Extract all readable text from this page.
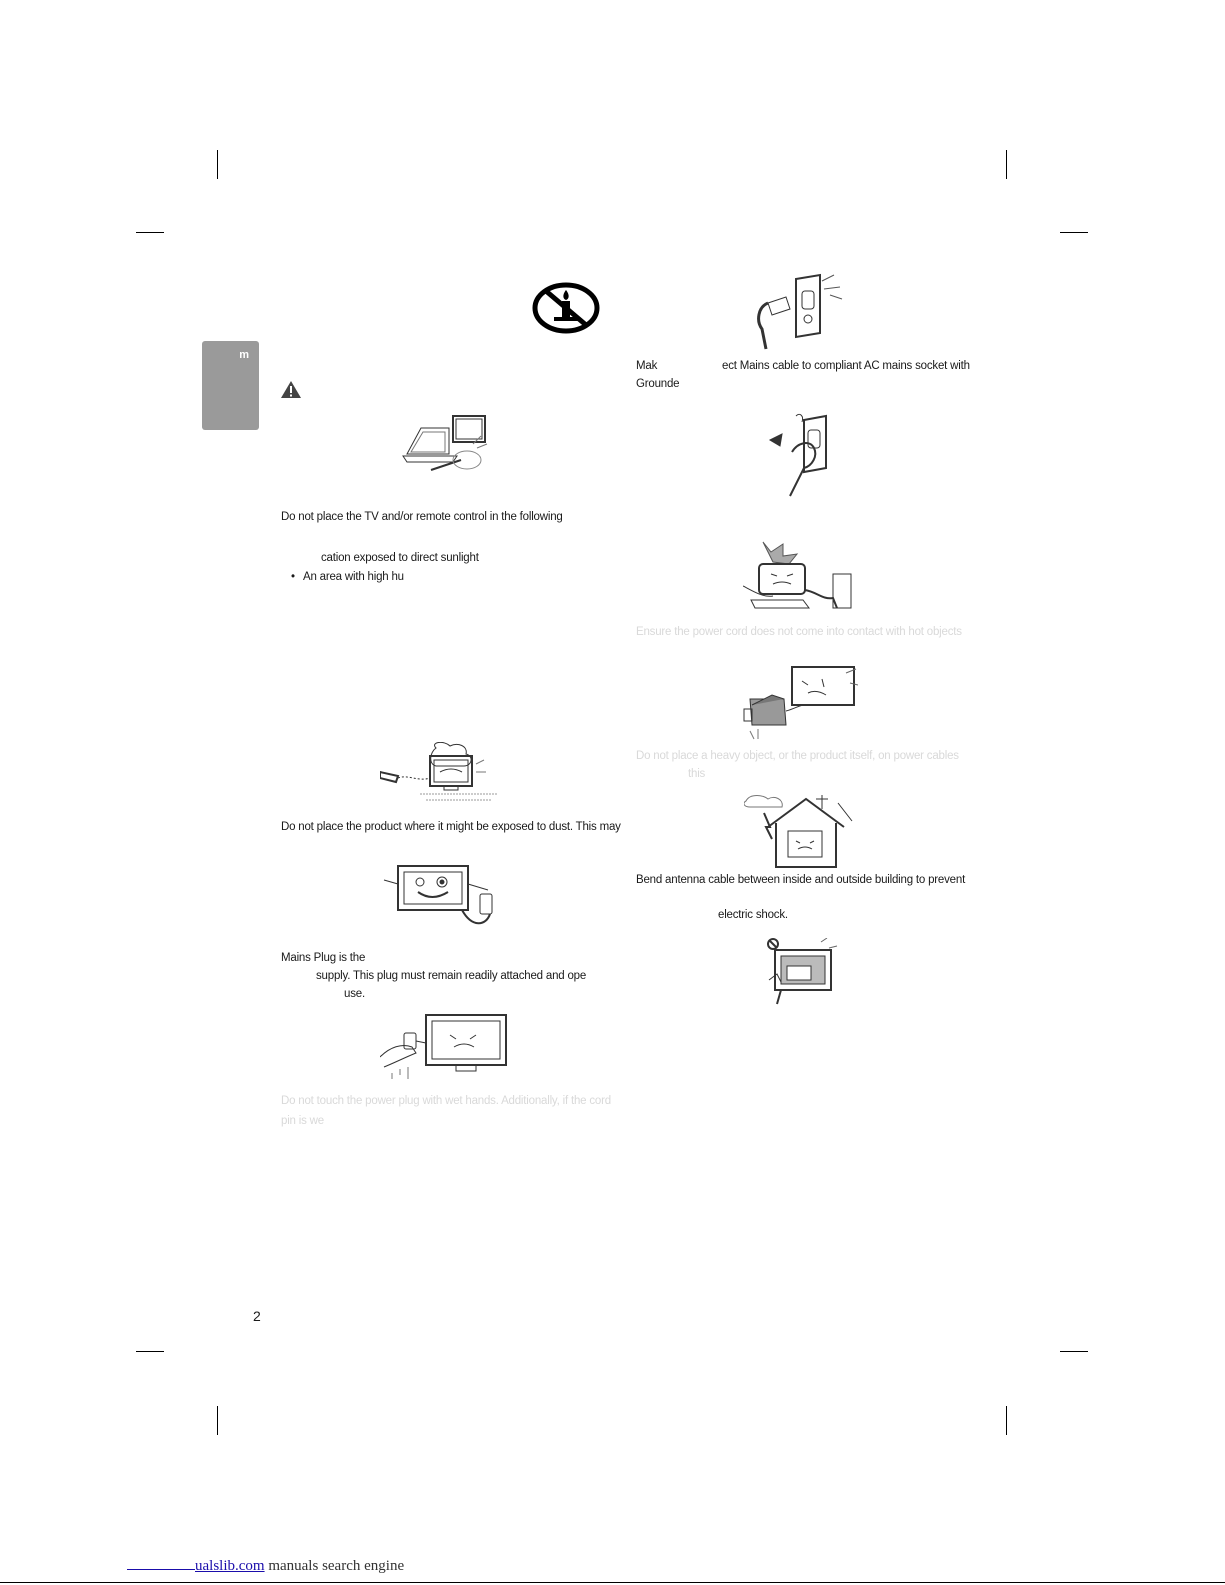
m
Do not place the TV and/or remote control in the following
cation exposed to direct sunlight
• An area with high hu
Do not place the product where it might be exposed to dust. This may
Mains Plug is the
supply. This plug must remain readily attached and ope
use.
Do not touch the power plug with wet hands. Additionally, if the cord
pin is we
Mak	ect Mains cable to compliant AC mains socket with
Grounde
Ensure the power cord does not come into contact with hot objects
Do not place a heavy object, or the product itself, on power cables
this
Bend antenna cable between inside and outside building to prevent
electric shock.
2
ualslib.com manuals search engine
